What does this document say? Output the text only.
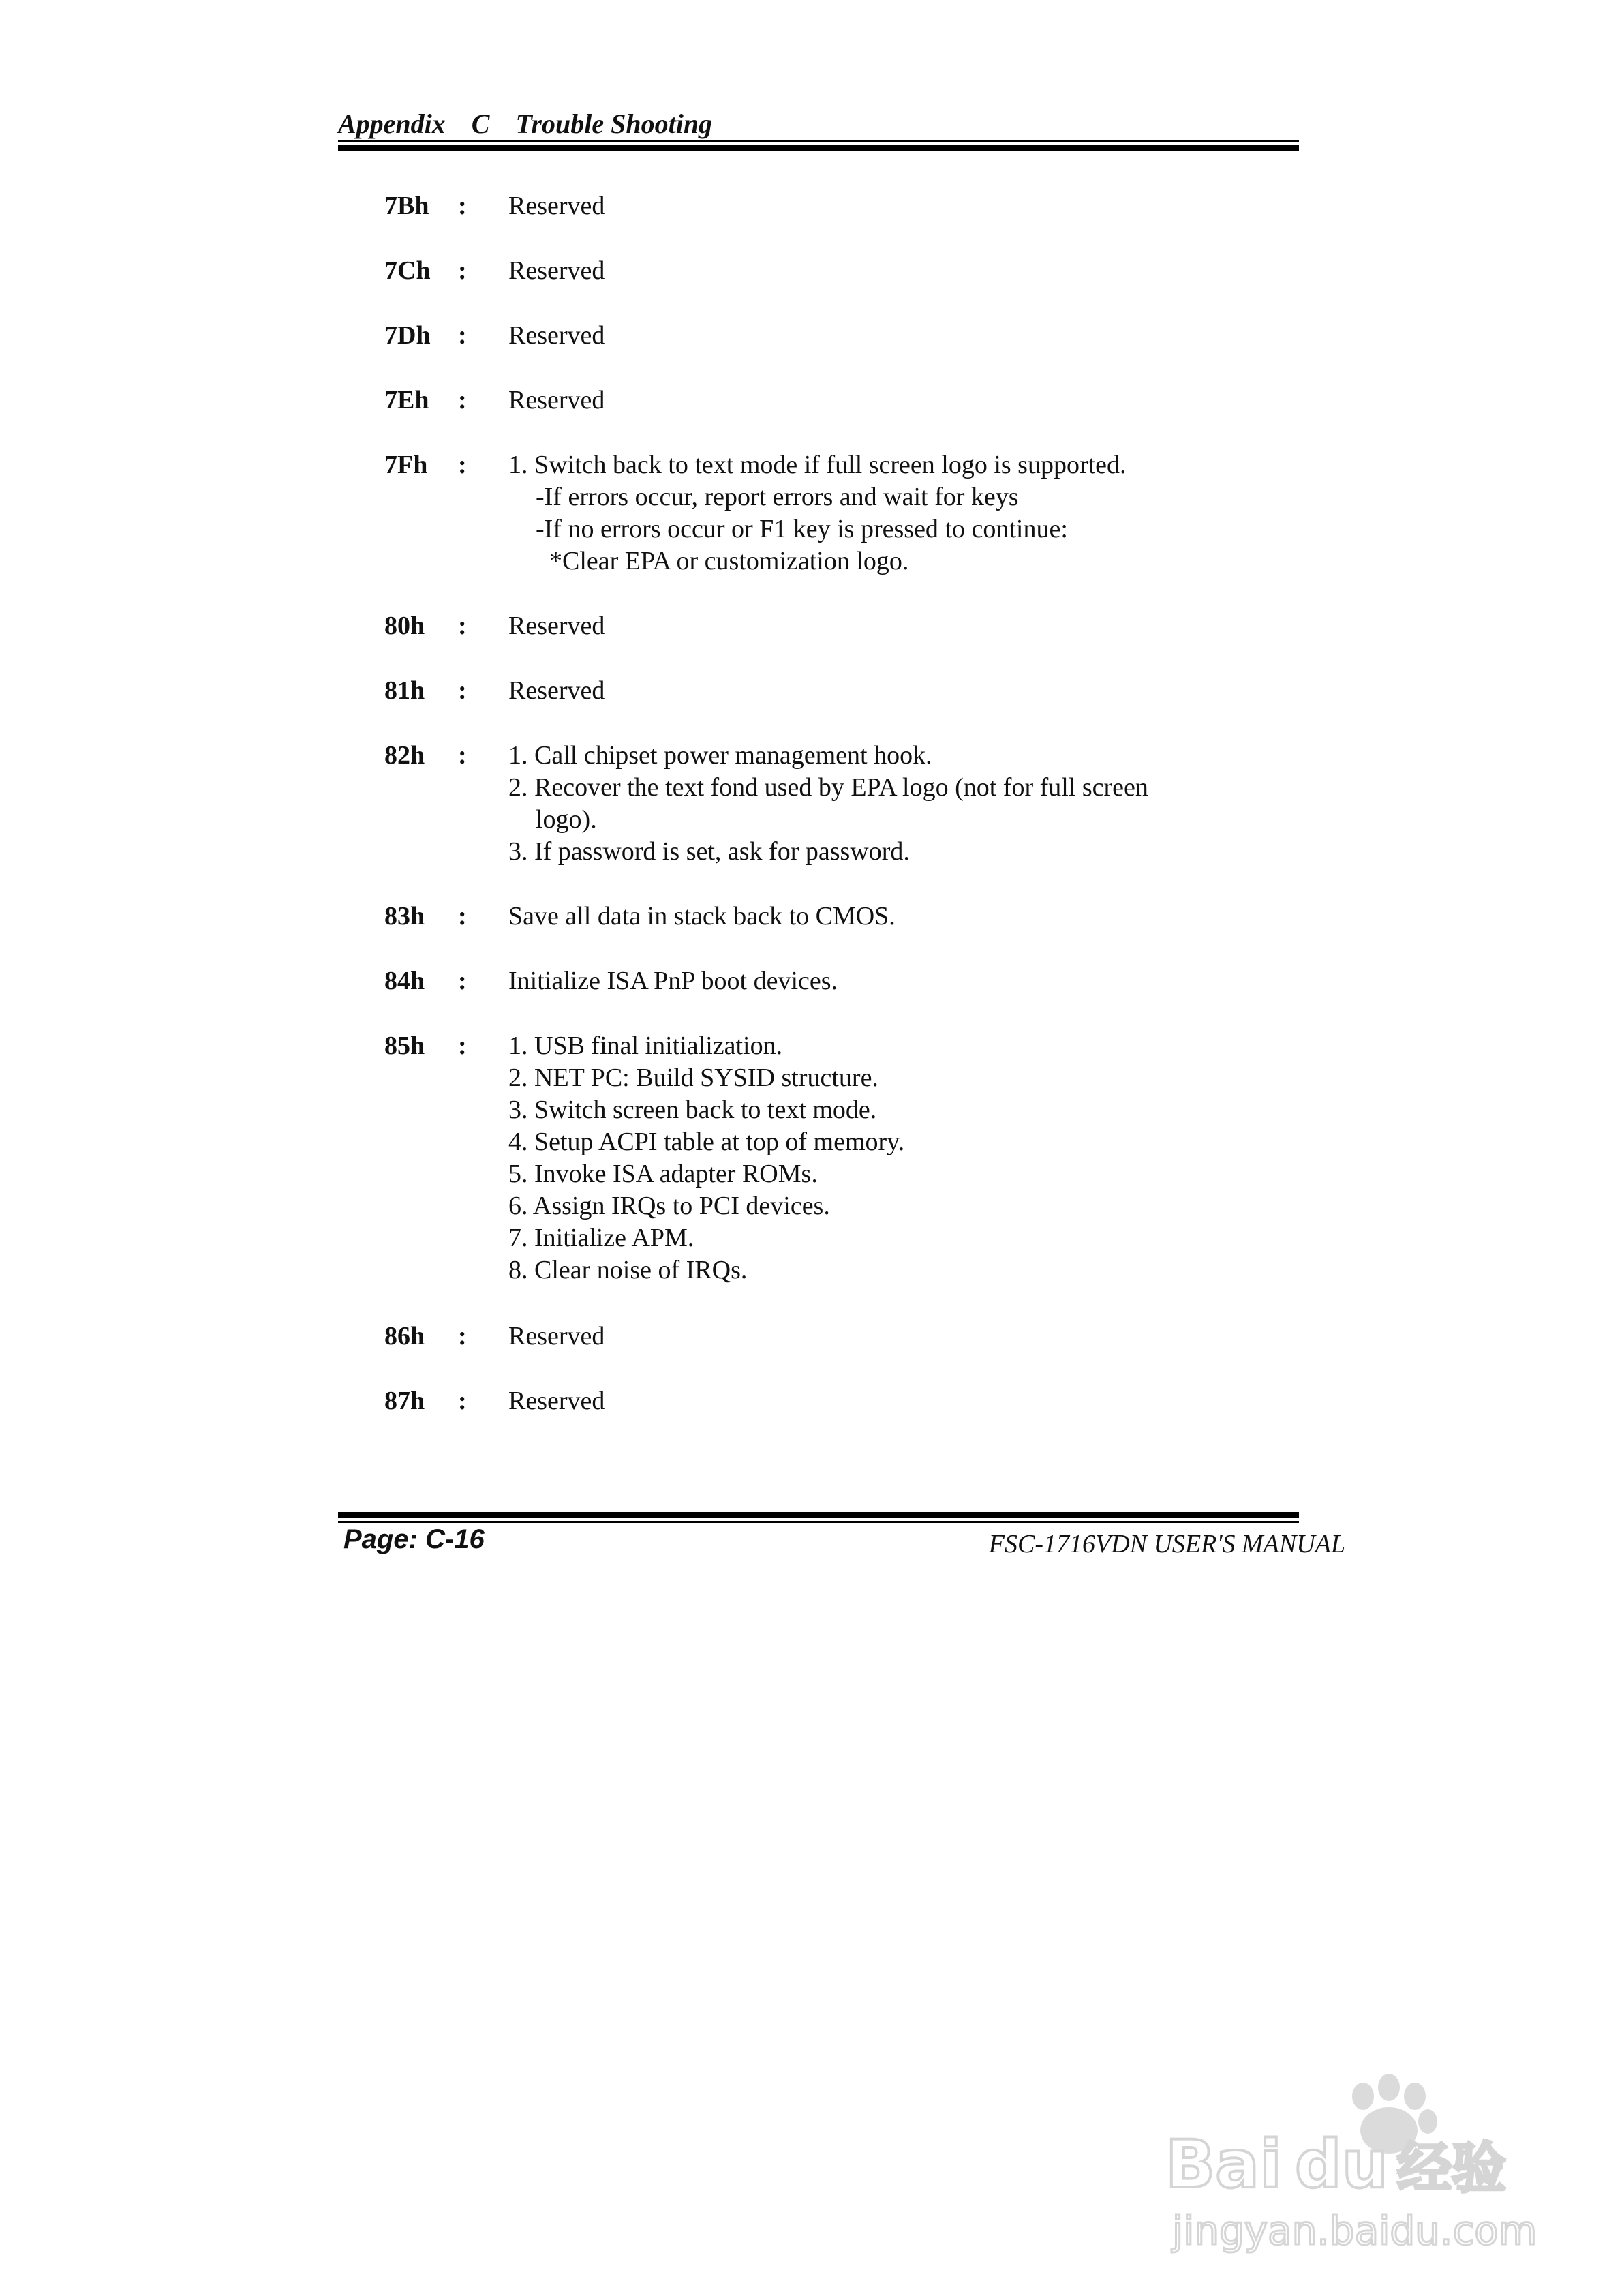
Appendix C Trouble Shooting
7Bh : Reserved
7Ch : Reserved
7Dh : Reserved
7Eh : Reserved
7Fh : 1. Switch back to text mode if full screen logo is supported.
-If errors occur, report errors and wait for keys
-If no errors occur or F1 key is pressed to continue:
*Clear EPA or customization logo.
80h : Reserved
81h : Reserved
82h : 1. Call chipset power management hook.
2. Recover the text fond used by EPA logo (not for full screen
logo).
3. If password is set, ask for password.
83h : Save all data in stack back to CMOS.
84h : Initialize ISA PnP boot devices.
85h : 1. USB final initialization.
2. NET PC: Build SYSID structure.
3. Switch screen back to text mode.
4. Setup ACPI table at top of memory.
5. Invoke ISA adapter ROMs.
6. Assign IRQs to PCI devices.
7. Initialize APM.
8. Clear noise of IRQs.
86h : Reserved
87h : Reserved
Page: C-16	FSC-1716VDN USER'S MANUAL
Bai du 经验
jingyan.baidu.com
